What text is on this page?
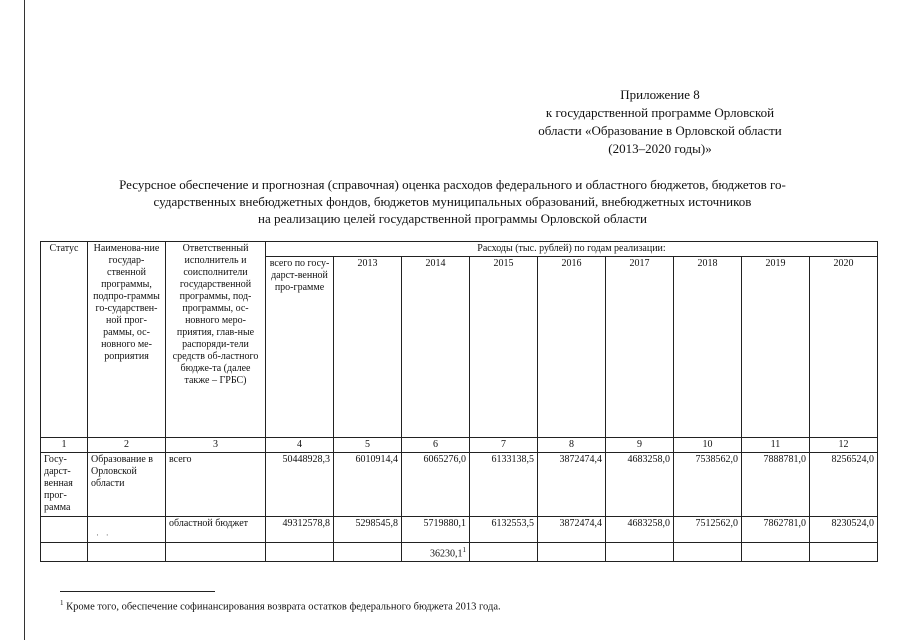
Приложение 8
к государственной программе Орловской
области «Образование в Орловской области
(2013–2020 годы)»
Ресурсное обеспечение и прогнозная (справочная) оценка расходов федерального и областного бюджетов, бюджетов го-
сударственных внебюджетных фондов, бюджетов муниципальных образований, внебюджетных источников
на реализацию целей государственной программы Орловской области
Статус	Наименова-ние государ-ственной программы, подпро-граммы го-сударствен-ной прог-раммы, ос-новного ме-роприятия	Ответственный исполнитель и соисполнители государственной программы, под-программы, ос-новного меро-приятия, глав-ные распоряди-тели средств об-ластного бюдже-та (далее также – ГРБС)	Расходы (тыс. рублей) по годам реализации:								
			всего по госу-дарст-венной про-грамме	2013	2014	2015	2016	2017	2018	2019	2020
1	2	3	4	5	6	7	8	9	10	11	12
Госу-дарст-венная прог-рамма	Образование в Орловской области	всего	50448928,3	6010914,4	6065276,0	6133138,5	3872474,4	4683258,0	7538562,0	7888781,0	8256524,0

	·   ·	областной бюджет	49312578,8	5298545,8	5719880,1	6132553,5	3872474,4	4683258,0	7512562,0	7862781,0	8230524,0
					36230,1$^1$						
$^1$ Кроме того, обеспечение софинансирования возврата остатков федерального бюджета 2013 года.
